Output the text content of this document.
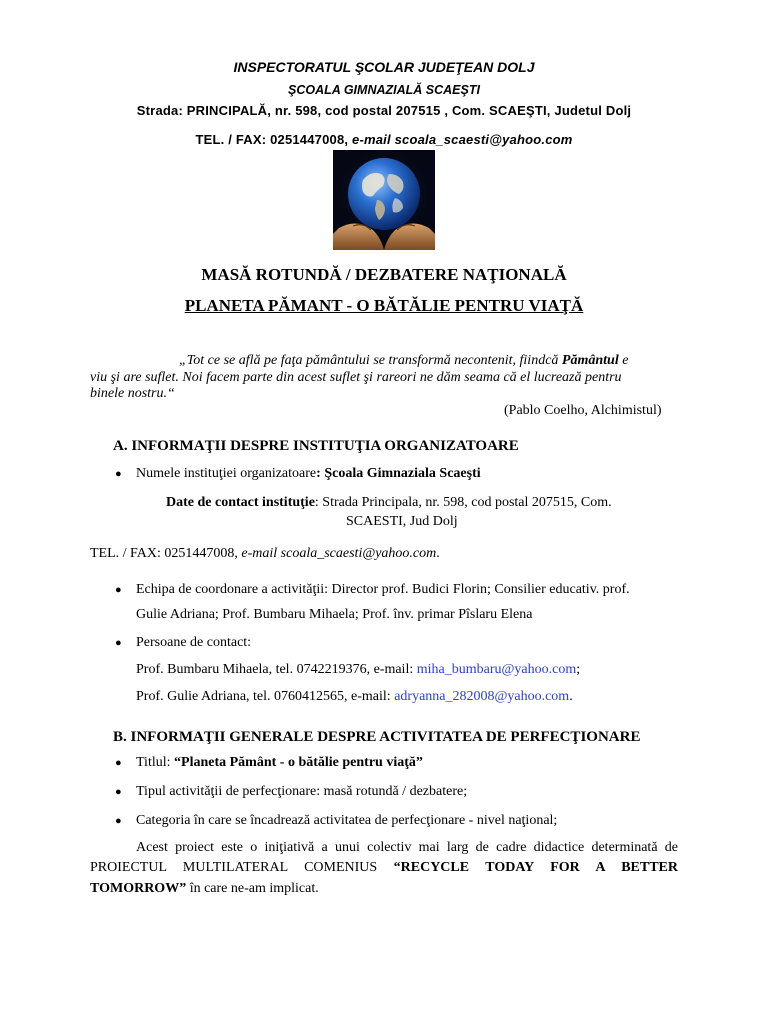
INSPECTORATUL ŞCOLAR JUDEŢEAN DOLJ
ŞCOALA GIMNAZIALĂ SCAEŞTI
Strada: PRINCIPALĂ, nr. 598, cod postal 207515 , Com. SCAEŞTI, Judetul Dolj
TEL. / FAX: 0251447008, e-mail scoala_scaesti@yahoo.com
MASĂ ROTUNDĂ / DEZBATERE NAŢIONALĂ
PLANETA PĂMANT - O BĂTĂLIE PENTRU VIAŢĂ
„Tot ce se află pe faţa pământului se transformă necontenit, fiindcă Pământul e
viu şi are suflet. Noi facem parte din acest suflet şi rareori ne dăm seama că el lucrează pentru
binele nostru.“
(Pablo Coelho, Alchimistul)
A. INFORMAŢII DESPRE INSTITUŢIA ORGANIZATOARE
● Numele instituţiei organizatoare: Şcoala Gimnaziala Scaeşti
Date de contact instituţie: Strada Principala, nr. 598, cod postal 207515, Com.
SCAESTI, Jud Dolj
TEL. / FAX: 0251447008, e-mail scoala_scaesti@yahoo.com.
● Echipa de coordonare a activităţii: Director prof. Budici Florin; Consilier educativ. prof.
Gulie Adriana; Prof. Bumbaru Mihaela; Prof. înv. primar Pîslaru Elena
● Persoane de contact:
Prof. Bumbaru Mihaela, tel. 0742219376, e-mail: miha_bumbaru@yahoo.com;
Prof. Gulie Adriana, tel. 0760412565, e-mail: adryanna_282008@yahoo.com.
B. INFORMAŢII GENERALE DESPRE ACTIVITATEA DE PERFECŢIONARE
● Titlul: “Planeta Pământ - o bătălie pentru viaţă”
● Tipul activităţii de perfecţionare: masă rotundă / dezbatere;
● Categoria în care se încadrează activitatea de perfecţionare - nivel naţional;
Acest proiect este o iniţiativă a unui colectiv mai larg de cadre didactice determinată de
PROIECTUL MULTILATERAL COMENIUS “RECYCLE TODAY FOR A BETTER
TOMORROW” în care ne-am implicat.
